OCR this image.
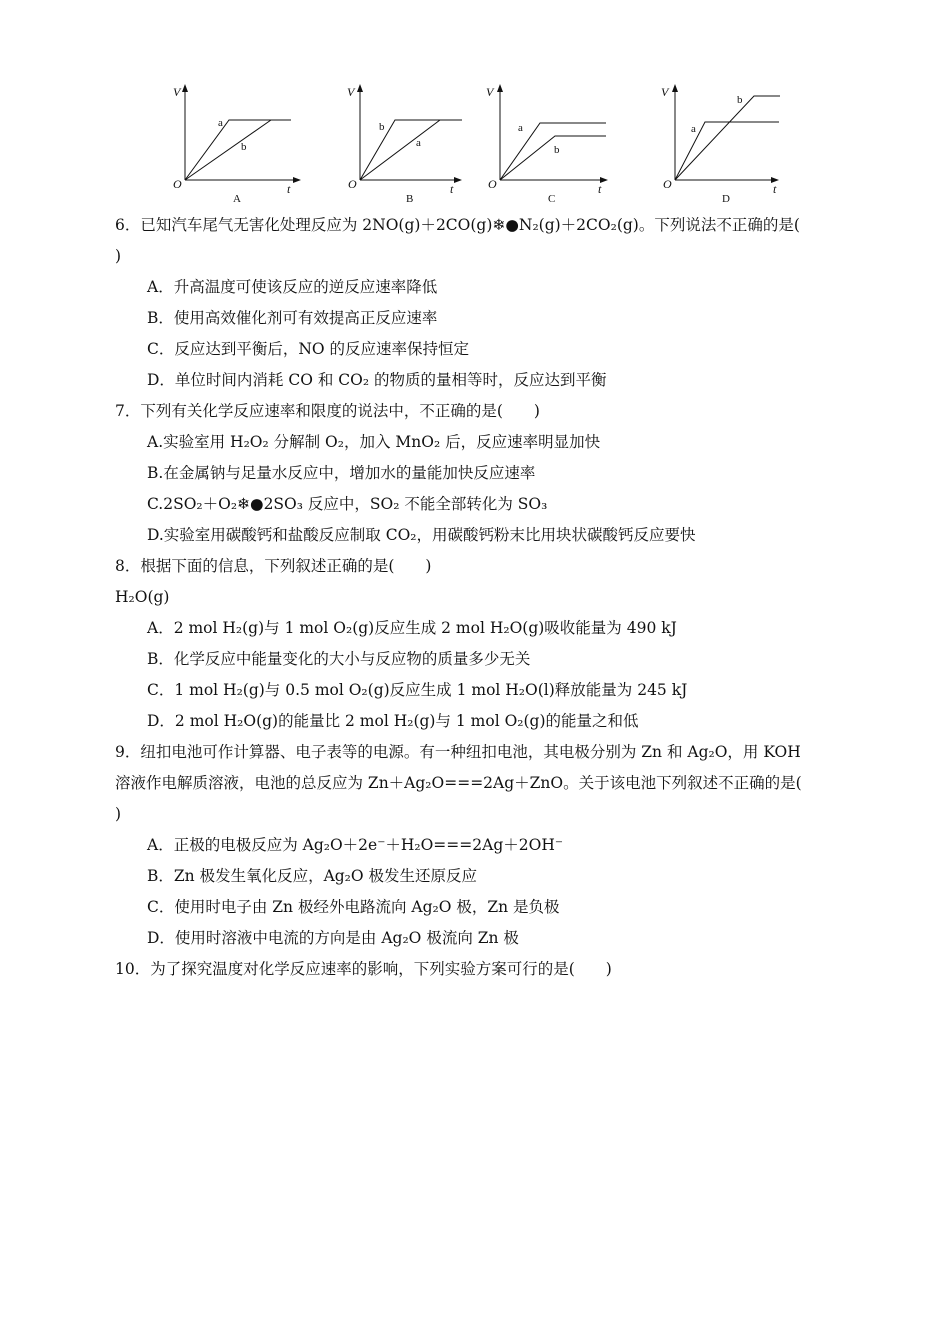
V
t
O
a
b
A
V
t
O
b
a
B
V
t
O
a
b
C
V
t
O
a
b
D
6．已知汽车尾气无害化处理反应为 2NO(g)＋2CO(g)❄●N₂(g)＋2CO₂(g)。下列说法不正确的是(
)
A．升高温度可使该反应的逆反应速率降低
B．使用高效催化剂可有效提高正反应速率
C．反应达到平衡后，NO 的反应速率保持恒定
D．单位时间内消耗 CO 和 CO₂ 的物质的量相等时，反应达到平衡
7．下列有关化学反应速率和限度的说法中，不正确的是(　　)
A.实验室用 H₂O₂ 分解制 O₂，加入 MnO₂ 后，反应速率明显加快
B.在金属钠与足量水反应中，增加水的量能加快反应速率
C.2SO₂＋O₂❄●2SO₃ 反应中，SO₂ 不能全部转化为 SO₃
D.实验室用碳酸钙和盐酸反应制取 CO₂，用碳酸钙粉末比用块状碳酸钙反应要快
8．根据下面的信息，下列叙述正确的是(　　)
H₂O(g)
A．2 mol H₂(g)与 1 mol O₂(g)反应生成 2 mol H₂O(g)吸收能量为 490 kJ
B．化学反应中能量变化的大小与反应物的质量多少无关
C．1 mol H₂(g)与 0.5 mol O₂(g)反应生成 1 mol H₂O(l)释放能量为 245 kJ
D．2 mol H₂O(g)的能量比 2 mol H₂(g)与 1 mol O₂(g)的能量之和低
9．纽扣电池可作计算器、电子表等的电源。有一种纽扣电池，其电极分别为 Zn 和 Ag₂O，用 KOH
溶液作电解质溶液，电池的总反应为 Zn＋Ag₂O===2Ag＋ZnO。关于该电池下列叙述不正确的是(
)
A．正极的电极反应为 Ag₂O＋2e⁻＋H₂O===2Ag＋2OH⁻
B．Zn 极发生氧化反应，Ag₂O 极发生还原反应
C．使用时电子由 Zn 极经外电路流向 Ag₂O 极，Zn 是负极
D．使用时溶液中电流的方向是由 Ag₂O 极流向 Zn 极
10．为了探究温度对化学反应速率的影响，下列实验方案可行的是(　　)
